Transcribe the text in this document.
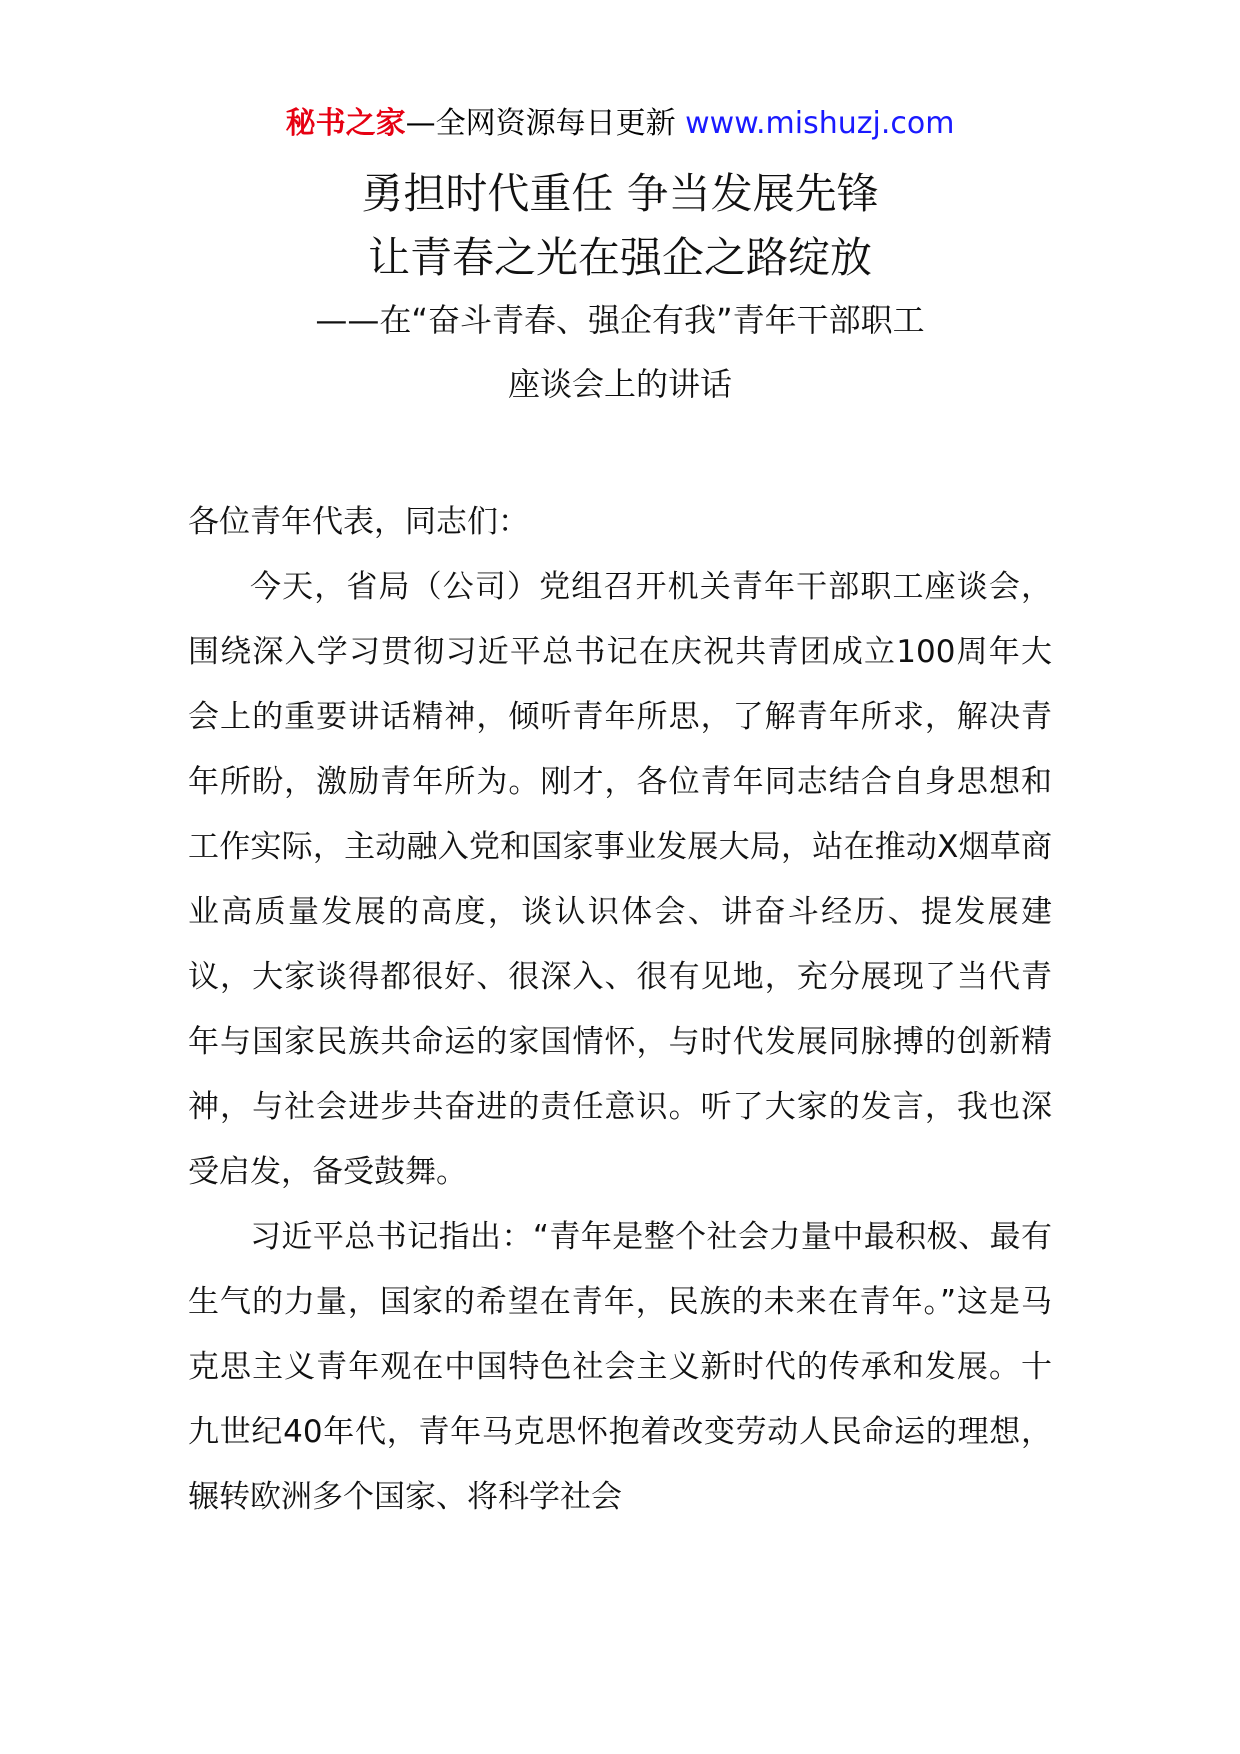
秘书之家—全网资源每日更新 www.mishuzj.com
勇担时代重任 争当发展先锋
让青春之光在强企之路绽放
——在“奋斗青春、强企有我”青年干部职工
座谈会上的讲话

各位青年代表，同志们：

今天，省局（公司）党组召开机关青年干部职工座谈会，围绕深入学习贯彻习近平总书记在庆祝共青团成立100周年大会上的重要讲话精神，倾听青年所思，了解青年所求，解决青年所盼，激励青年所为。刚才，各位青年同志结合自身思想和工作实际，主动融入党和国家事业发展大局，站在推动X烟草商业高质量发展的高度，谈认识体会、讲奋斗经历、提发展建议，大家谈得都很好、很深入、很有见地，充分展现了当代青年与国家民族共命运的家国情怀，与时代发展同脉搏的创新精神，与社会进步共奋进的责任意识。听了大家的发言，我也深受启发，备受鼓舞。

习近平总书记指出：“青年是整个社会力量中最积极、最有生气的力量，国家的希望在青年，民族的未来在青年。”这是马克思主义青年观在中国特色社会主义新时代的传承和发展。十九世纪40年代，青年马克思怀抱着改变劳动人民命运的理想，辗转欧洲多个国家、将科学社会
